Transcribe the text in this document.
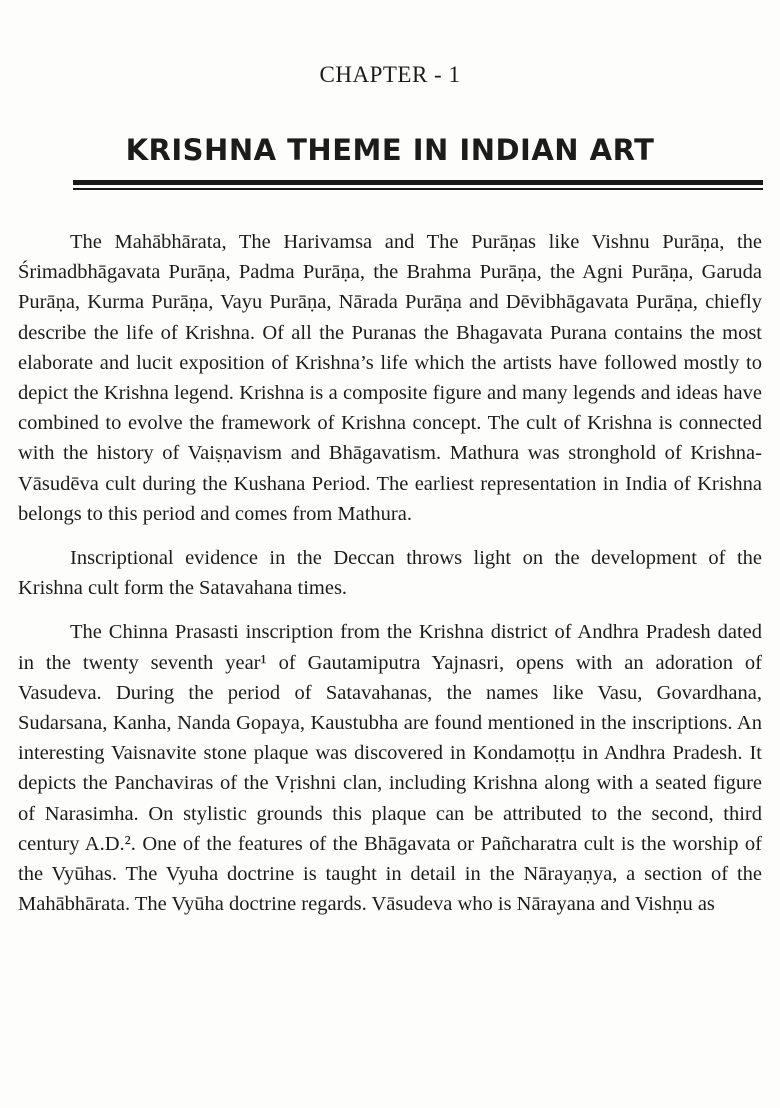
CHAPTER - 1
KRISHNA THEME IN INDIAN ART

The Mahābhārata, The Harivamsa and The Purāṇas like Vishnu Purāṇa, the Śrimadbhāgavata Purāṇa, Padma Purāṇa, the Brahma Purāṇa, the Agni Purāṇa, Garuda Purāṇa, Kurma Purāṇa, Vayu Purāṇa, Nārada Purāṇa and Dēvibhāgavata Purāṇa, chiefly describe the life of Krishna. Of all the Puranas the Bhagavata Purana contains the most elaborate and lucit exposition of Krishna’s life which the artists have followed mostly to depict the Krishna legend. Krishna is a composite figure and many legends and ideas have combined to evolve the framework of Krishna concept. The cult of Krishna is connected with the history of Vaiṣṇavism and Bhāgavatism. Mathura was stronghold of Krishna-Vāsudēva cult during the Kushana Period. The earliest representation in India of Krishna belongs to this period and comes from Mathura.

Inscriptional evidence in the Deccan throws light on the development of the Krishna cult form the Satavahana times.

The Chinna Prasasti inscription from the Krishna district of Andhra Pradesh dated in the twenty seventh year¹ of Gautamiputra Yajnasri, opens with an adoration of Vasudeva. During the period of Satavahanas, the names like Vasu, Govardhana, Sudarsana, Kanha, Nanda Gopaya, Kaustubha are found mentioned in the inscriptions. An interesting Vaisnavite stone plaque was discovered in Kondamoṭṭu in Andhra Pradesh. It depicts the Panchaviras of the Vṛishni clan, including Krishna along with a seated figure of Narasimha. On stylistic grounds this plaque can be attributed to the second, third century A.D.². One of the features of the Bhāgavata or Pañcharatra cult is the worship of the Vyūhas. The Vyuha doctrine is taught in detail in the Nārayaṇya, a section of the Mahābhārata. The Vyūha doctrine regards. Vāsudeva who is Nārayana and Vishṇu as
